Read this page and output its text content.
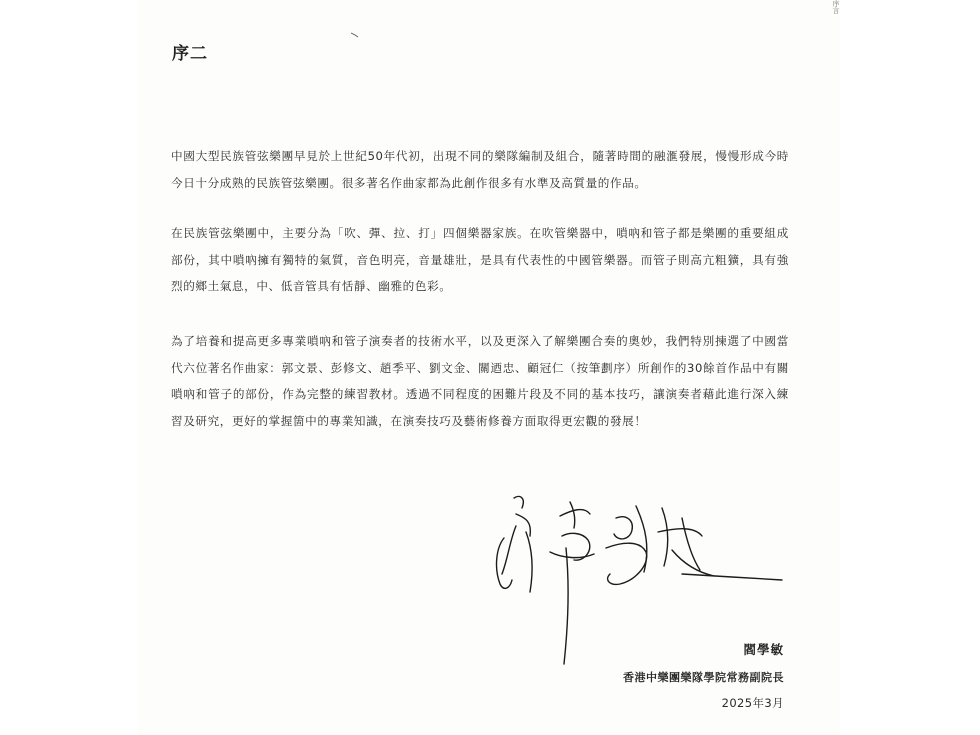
序言
序二

中國大型民族管弦樂團早見於上世紀50年代初，出現不同的樂隊編制及組合，隨著時間的融滙發展，慢慢形成今時今日十分成熟的民族管弦樂團。很多著名作曲家都為此創作很多有水準及高質量的作品。

在民族管弦樂團中，主要分為「吹、彈、拉、打」四個樂器家族。在吹管樂器中，嗩吶和管子都是樂團的重要組成部份，其中嗩吶擁有獨特的氣質，音色明亮，音量雄壯，是具有代表性的中國管樂器。而管子則高亢粗獷，具有強烈的鄉土氣息，中、低音管具有恬靜、幽雅的色彩。

為了培養和提高更多專業嗩吶和管子演奏者的技術水平，以及更深入了解樂團合奏的奧妙，我們特別揀選了中國當代六位著名作曲家：郭文景、彭修文、趙季平、劉文金、關迺忠、顧冠仁（按筆劃序）所創作的30餘首作品中有關嗩吶和管子的部份，作為完整的練習教材。透過不同程度的困難片段及不同的基本技巧，讓演奏者藉此進行深入練習及研究，更好的掌握箇中的專業知識，在演奏技巧及藝術修養方面取得更宏觀的發展！

閻學敏

香港中樂團樂隊學院常務副院長

2025年3月
